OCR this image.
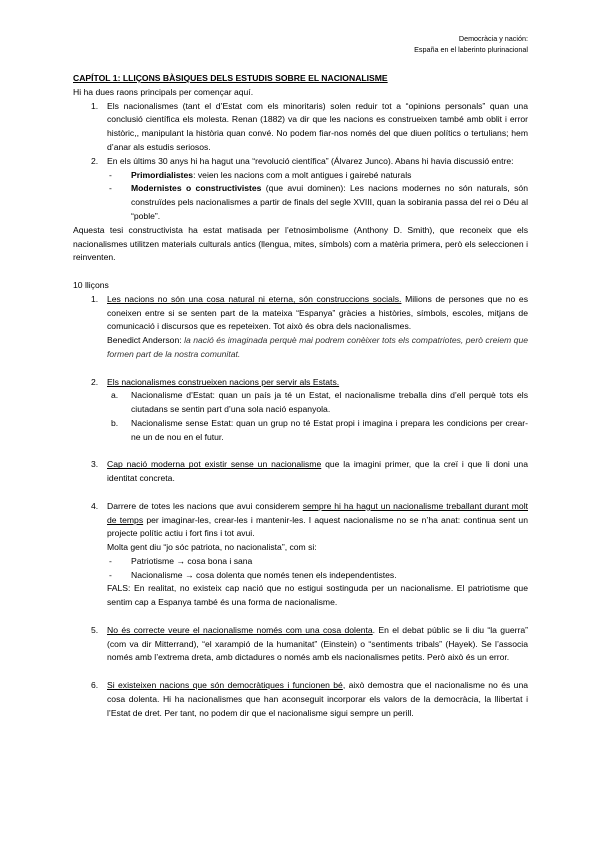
Democràcia y nación:
España en el laberinto plurinacional

CAPÍTOL 1: LLIÇONS BÀSIQUES DELS ESTUDIS SOBRE EL NACIONALISME

Hi ha dues raons principals per començar aquí.

1. Els nacionalismes (tant el d’Estat com els minoritaris) solen reduir tot a “opinions personals” quan una conclusió científica els molesta. Renan (1882) va dir que les nacions es construeixen també amb oblit i error històric,, manipulant la història quan convé. No podem fiar-nos només del que diuen polítics o tertulians; hem d’anar als estudis seriosos.
2. En els últims 30 anys hi ha hagut una “revolució científica” (Álvarez Junco). Abans hi havia discussió entre:
- Primordialistes: veien les nacions com a molt antigues i gairebé naturals
- Modernistes o constructivistes (que avui dominen): Les nacions modernes no són naturals, són construïdes pels nacionalismes a partir de finals del segle XVIII, quan la sobirania passa del rei o Déu al “poble”.

Aquesta tesi constructivista ha estat matisada per l’etnosimbolisme (Anthony D. Smith), que reconeix que els nacionalismes utilitzen materials culturals antics (llengua, mites, símbols) com a matèria primera, però els seleccionen i reinventen.

10 lliçons

1. Les nacions no són una cosa natural ni eterna, són construccions socials. Milions de persones que no es coneixen entre si se senten part de la mateixa “Espanya” gràcies a històries, símbols, escoles, mitjans de comunicació i discursos que es repeteixen. Tot això és obra dels nacionalismes.
Benedict Anderson: la nació és imaginada perquè mai podrem conèixer tots els compatriotes, però creiem que formen part de la nostra comunitat.
2. Els nacionalismes construeixen nacions per servir als Estats.
a. Nacionalisme d’Estat: quan un país ja té un Estat, el nacionalisme treballa dins d’ell perquè tots els ciutadans se sentin part d’una sola nació espanyola.
b. Nacionalisme sense Estat: quan un grup no té Estat propi i imagina i prepara les condicions per crear-ne un de nou en el futur.
3. Cap nació moderna pot existir sense un nacionalisme que la imagini primer, que la creï i que li doni una identitat concreta.
4. Darrere de totes les nacions que avui considerem sempre hi ha hagut un nacionalisme treballant durant molt de temps per imaginar-les, crear-les i mantenir-les. I aquest nacionalisme no se n’ha anat: continua sent un projecte polític actiu i fort fins i tot avui.
Molta gent diu “jo sóc patriota, no nacionalista”, com si:
- Patriotisme → cosa bona i sana
- Nacionalisme → cosa dolenta que només tenen els independentistes.
FALS: En realitat, no existeix cap nació que no estigui sostinguda per un nacionalisme. El patriotisme que sentim cap a Espanya també és una forma de nacionalisme.
5. No és correcte veure el nacionalisme només com una cosa dolenta. En el debat públic se li diu “la guerra” (com va dir Mitterrand), “el xarampió de la humanitat” (Einstein) o “sentiments tribals” (Hayek). Se l’associa només amb l’extrema dreta, amb dictadures o només amb els nacionalismes petits. Però això és un error.
6. Si existeixen nacions que són democràtiques i funcionen bé, això demostra que el nacionalisme no és una cosa dolenta. Hi ha nacionalismes que han aconseguit incorporar els valors de la democràcia, la llibertat i l’Estat de dret. Per tant, no podem dir que el nacionalisme sigui sempre un perill.
